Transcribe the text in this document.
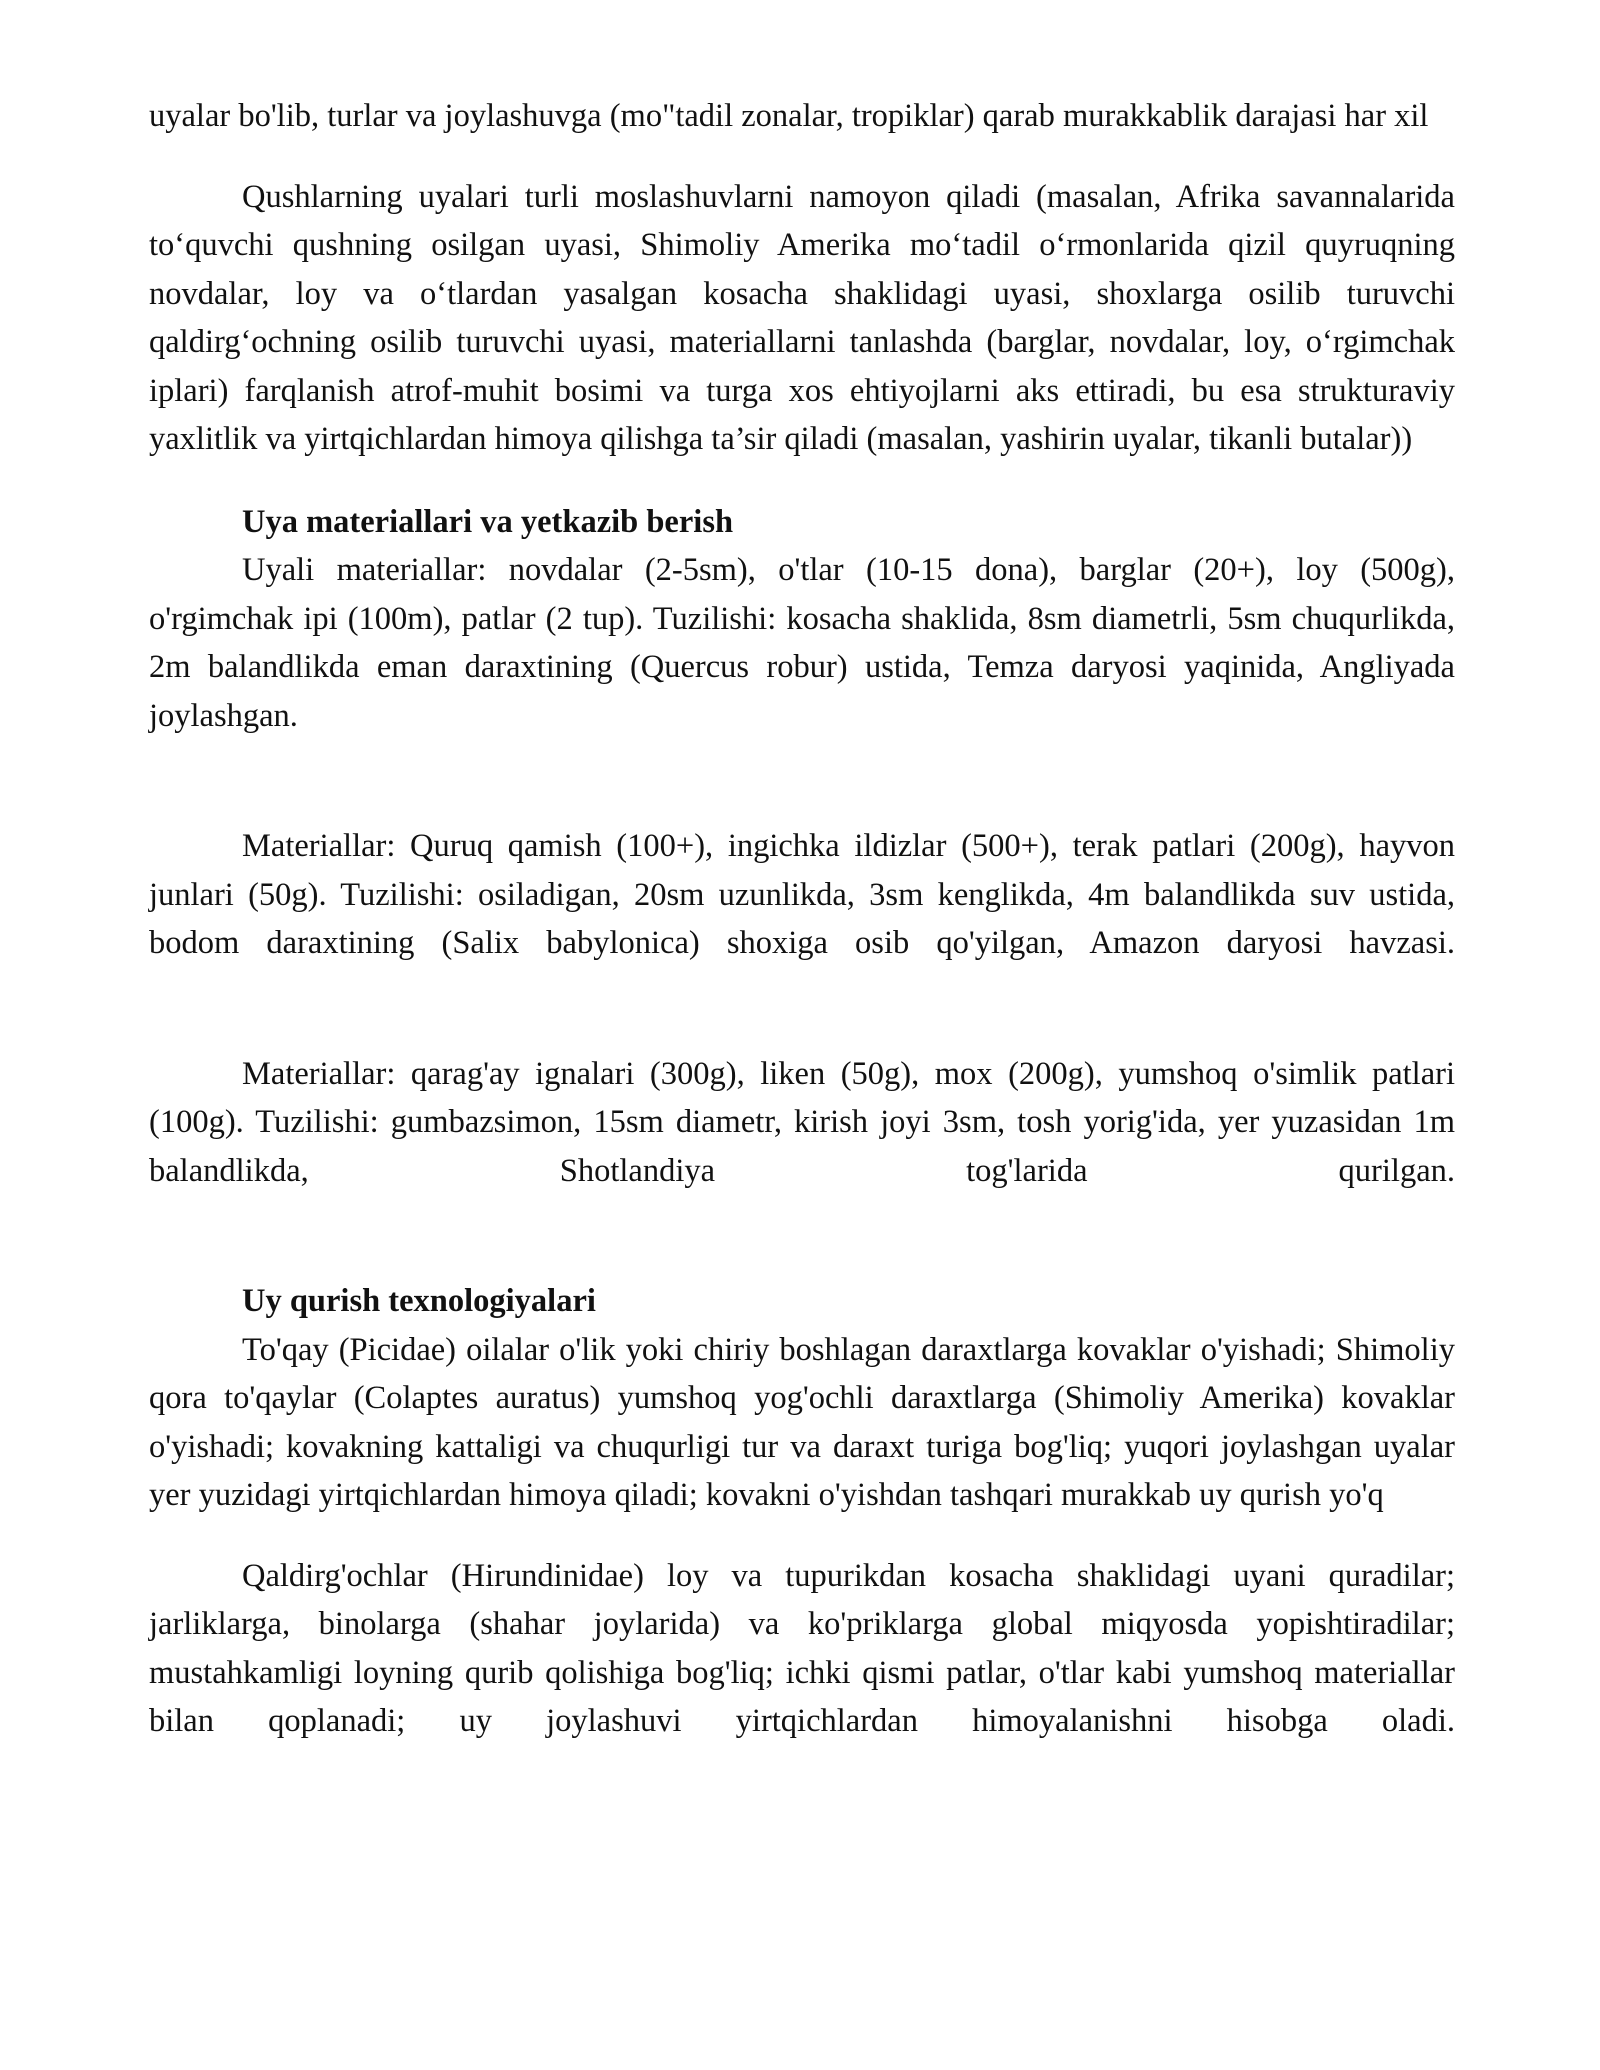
uyalar bo'lib, turlar va joylashuvga (mo"tadil zonalar, tropiklar) qarab murakkablik darajasi har xil

Qushlarning uyalari turli moslashuvlarni namoyon qiladi (masalan, Afrika savannalarida to‘quvchi qushning osilgan uyasi, Shimoliy Amerika mo‘tadil o‘rmonlarida qizil quyruqning novdalar, loy va o‘tlardan yasalgan kosacha shaklidagi uyasi, shoxlarga osilib turuvchi qaldirg‘ochning osilib turuvchi uyasi, materiallarni tanlashda (barglar, novdalar, loy, o‘rgimchak iplari) farqlanish atrof-muhit bosimi va turga xos ehtiyojlarni aks ettiradi, bu esa strukturaviy yaxlitlik va yirtqichlardan himoya qilishga ta’sir qiladi (masalan, yashirin uyalar, tikanli butalar))

Uya materiallari va yetkazib berish

Uyali materiallar: novdalar (2-5sm), o'tlar (10-15 dona), barglar (20+), loy (500g), o'rgimchak ipi (100m), patlar (2 tup). Tuzilishi: kosacha shaklida, 8sm diametrli, 5sm chuqurlikda, 2m balandlikda eman daraxtining (Quercus robur) ustida, Temza daryosi yaqinida, Angliyada joylashgan.

Materiallar: Quruq qamish (100+), ingichka ildizlar (500+), terak patlari (200g), hayvon junlari (50g). Tuzilishi: osiladigan, 20sm uzunlikda, 3sm kenglikda, 4m balandlikda suv ustida, bodom daraxtining (Salix babylonica) shoxiga osib qo'yilgan, Amazon daryosi havzasi.

Materiallar: qarag'ay ignalari (300g), liken (50g), mox (200g), yumshoq o'simlik patlari (100g). Tuzilishi: gumbazsimon, 15sm diametr, kirish joyi 3sm, tosh yorig'ida, yer yuzasidan 1m balandlikda, Shotlandiya tog'larida qurilgan.

Uy qurish texnologiyalari

To'qay (Picidae) oilalar o'lik yoki chiriy boshlagan daraxtlarga kovaklar o'yishadi; Shimoliy qora to'qaylar (Colaptes auratus) yumshoq yog'ochli daraxtlarga (Shimoliy Amerika) kovaklar o'yishadi; kovakning kattaligi va chuqurligi tur va daraxt turiga bog'liq; yuqori joylashgan uyalar yer yuzidagi yirtqichlardan himoya qiladi; kovakni o'yishdan tashqari murakkab uy qurish yo'q

Qaldirg'ochlar (Hirundinidae) loy va tupurikdan kosacha shaklidagi uyani quradilar; jarliklarga, binolarga (shahar joylarida) va ko'priklarga global miqyosda yopishtiradilar; mustahkamligi loyning qurib qolishiga bog'liq; ichki qismi patlar, o'tlar kabi yumshoq materiallar bilan qoplanadi; uy joylashuvi yirtqichlardan himoyalanishni hisobga oladi.
